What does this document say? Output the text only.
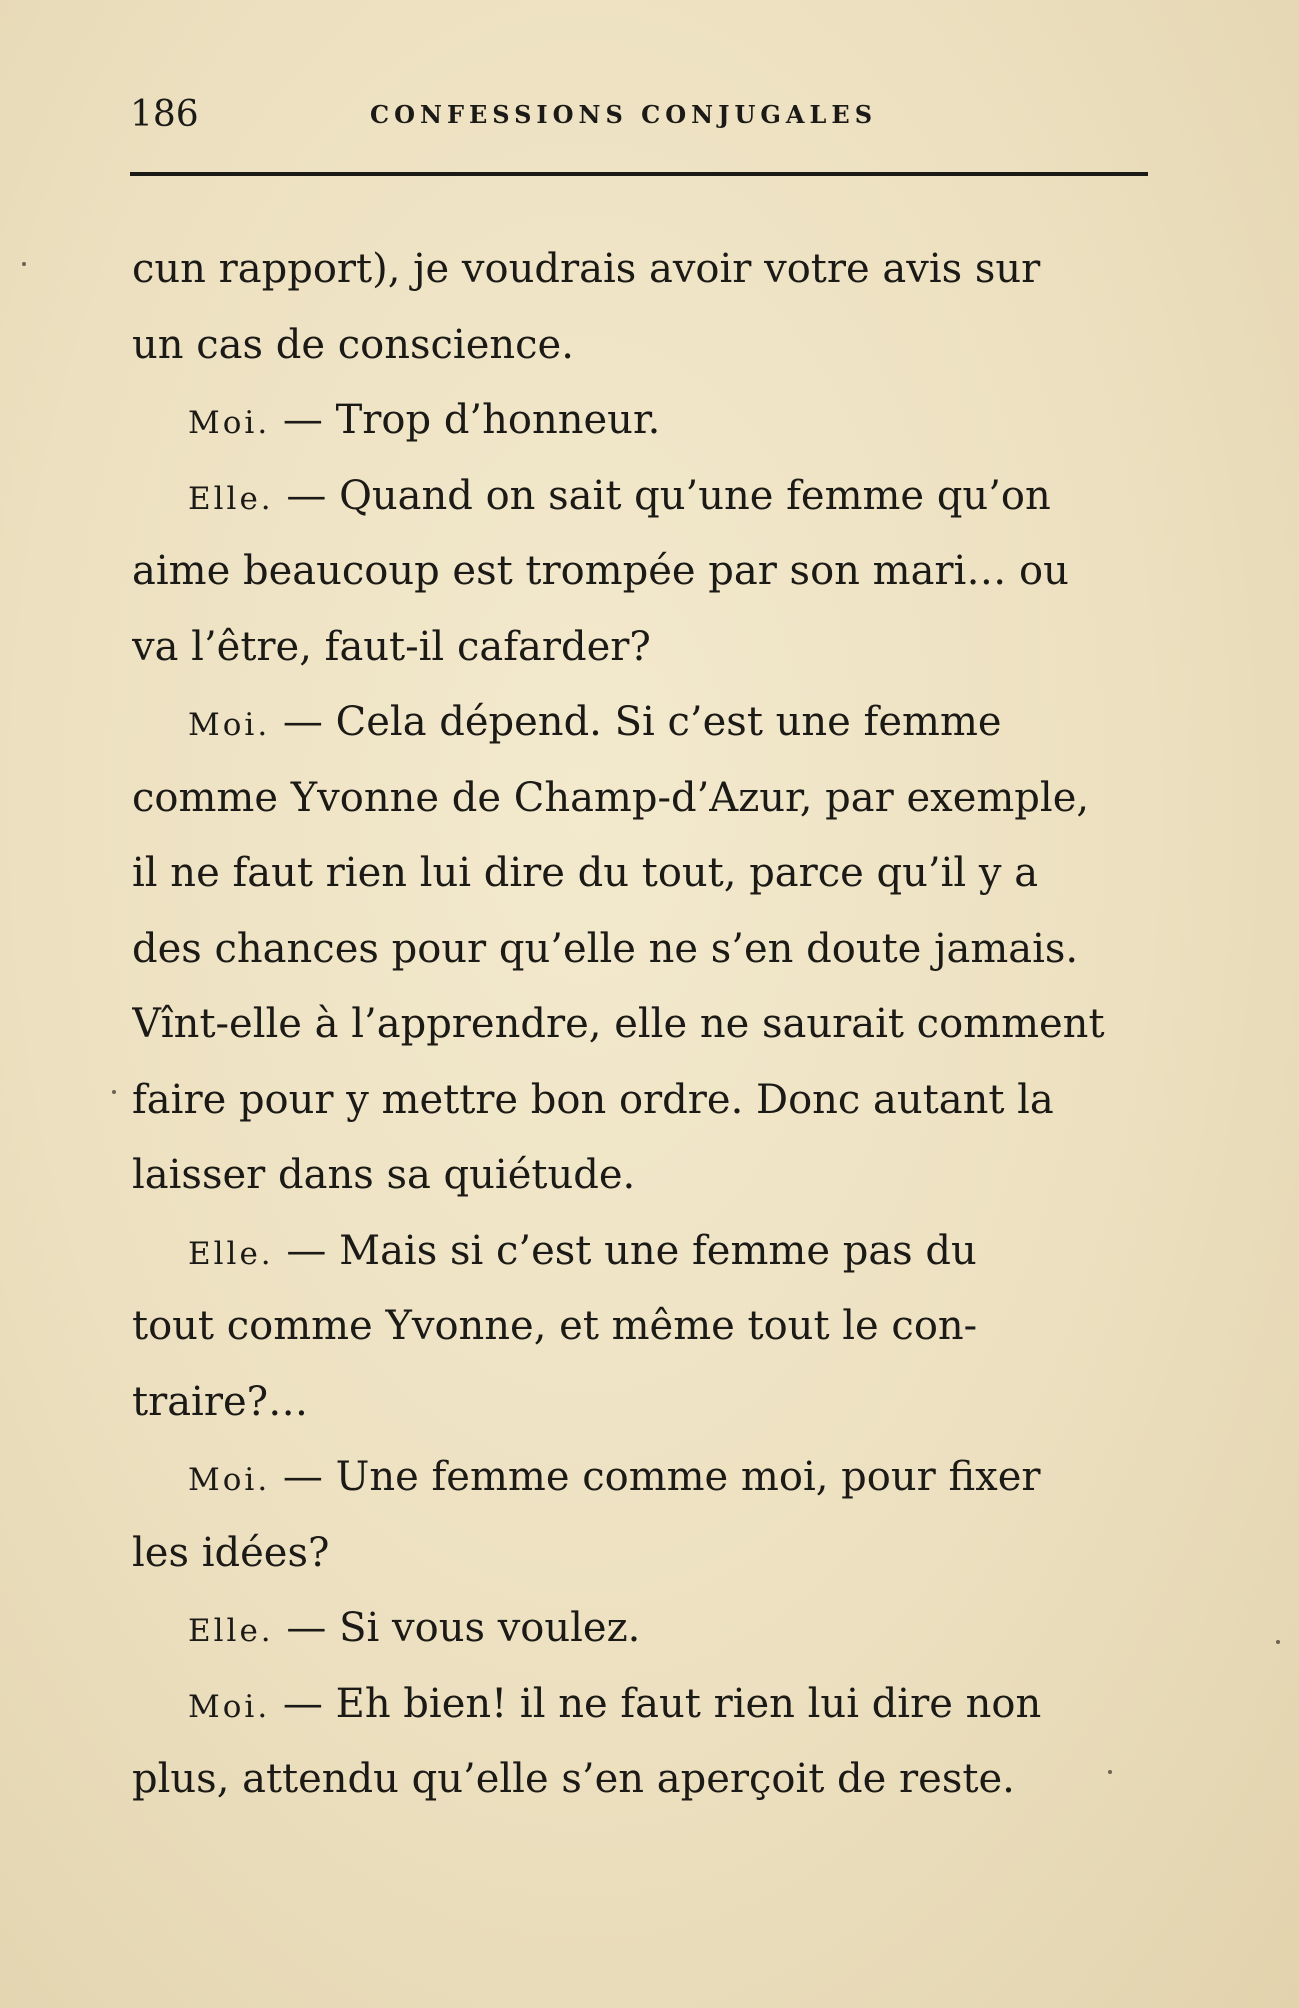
186	CONFESSIONS CONJUGALES
cun rapport), je voudrais avoir votre avis sur
un cas de conscience.
Moi. — Trop d’honneur.
Elle. — Quand on sait qu’une femme qu’on
aime beaucoup est trompée par son mari… ou
va l’être, faut-il cafarder?
Moi. — Cela dépend. Si c’est une femme
comme Yvonne de Champ-d’Azur, par exemple,
il ne faut rien lui dire du tout, parce qu’il y a
des chances pour qu’elle ne s’en doute jamais.
Vînt-elle à l’apprendre, elle ne saurait comment
faire pour y mettre bon ordre. Donc autant la
laisser dans sa quiétude.
Elle. — Mais si c’est une femme pas du
tout comme Yvonne, et même tout le con-
traire?…
Moi. — Une femme comme moi, pour fixer
les idées?
Elle. — Si vous voulez.
Moi. — Eh bien! il ne faut rien lui dire non
plus, attendu qu’elle s’en aperçoit de reste.
